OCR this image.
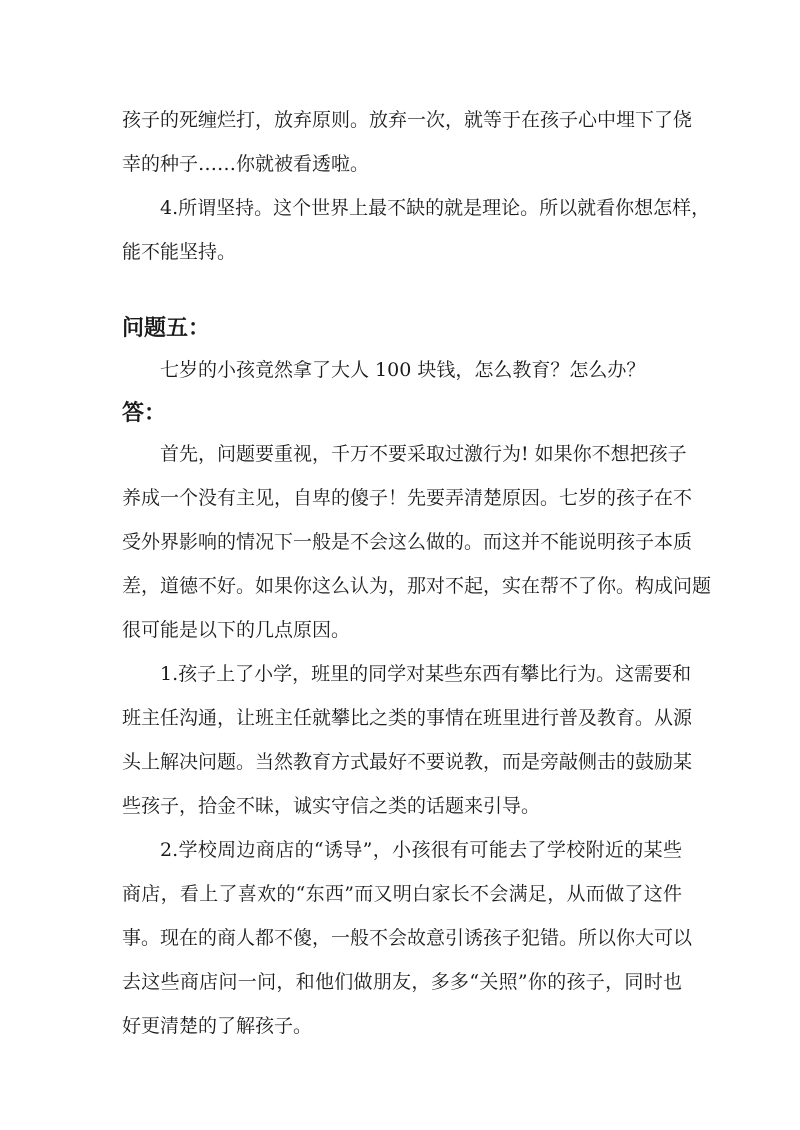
孩子的死缠烂打，放弃原则。放弃一次，就等于在孩子心中埋下了侥
幸的种子……你就被看透啦。
4.所谓坚持。这个世界上最不缺的就是理论。所以就看你想怎样，
能不能坚持。
问题五：
七岁的小孩竟然拿了大人 100 块钱，怎么教育？怎么办？
答：
首先，问题要重视，千万不要采取过激行为! 如果你不想把孩子
养成一个没有主见，自卑的傻子！先要弄清楚原因。七岁的孩子在不
受外界影响的情况下一般是不会这么做的。而这并不能说明孩子本质
差，道德不好。如果你这么认为，那对不起，实在帮不了你。构成问题
很可能是以下的几点原因。
1.孩子上了小学，班里的同学对某些东西有攀比行为。这需要和
班主任沟通，让班主任就攀比之类的事情在班里进行普及教育。从源
头上解决问题。当然教育方式最好不要说教，而是旁敲侧击的鼓励某
些孩子，拾金不昧，诚实守信之类的话题来引导。
2.学校周边商店的“诱导”，小孩很有可能去了学校附近的某些
商店，看上了喜欢的“东西”而又明白家长不会满足，从而做了这件
事。现在的商人都不傻，一般不会故意引诱孩子犯错。所以你大可以
去这些商店问一问，和他们做朋友，多多“关照”你的孩子，同时也
好更清楚的了解孩子。
